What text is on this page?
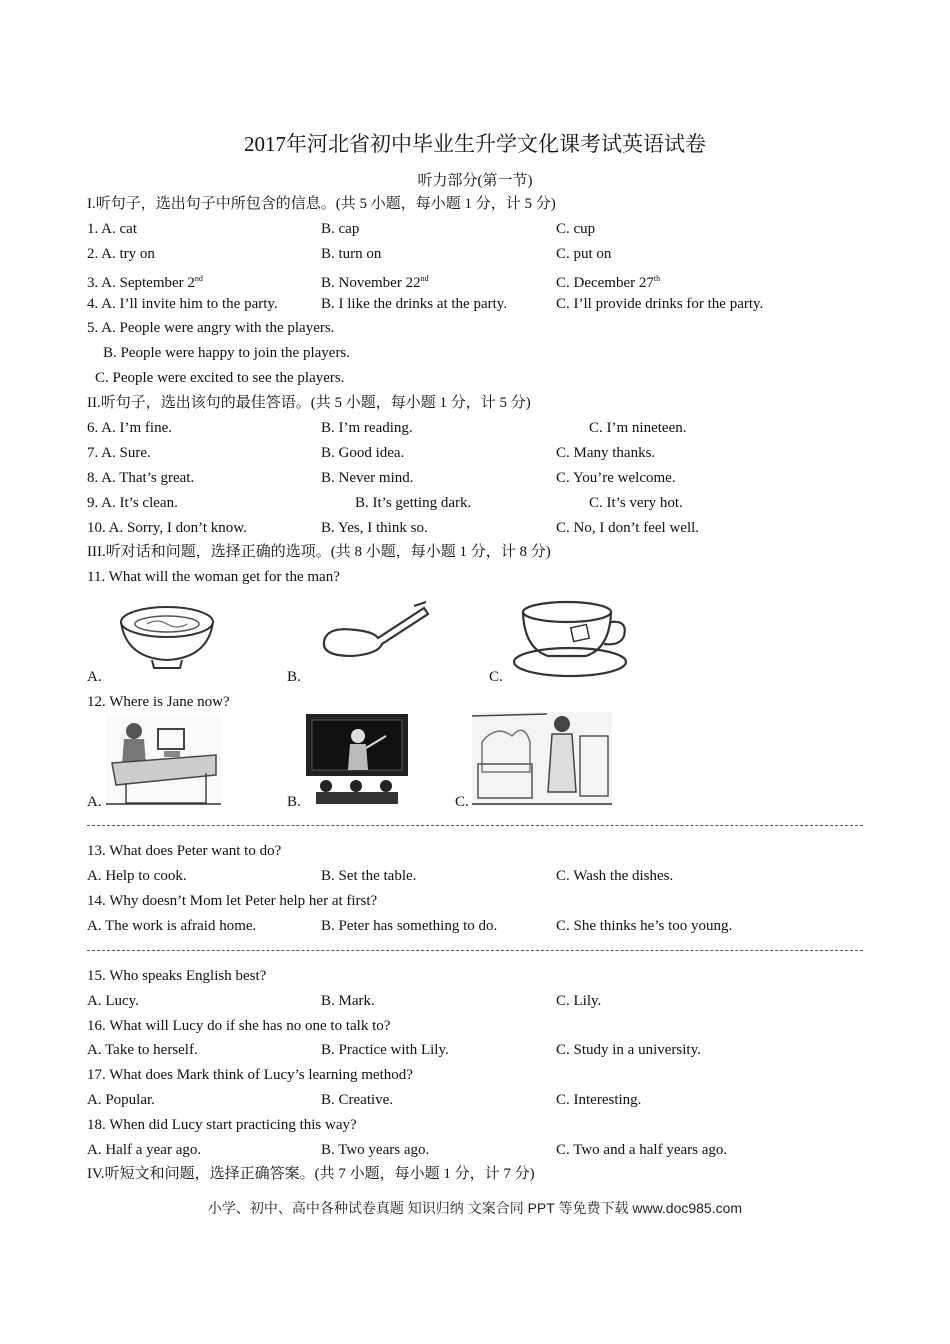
2017年河北省初中毕业生升学文化课考试英语试卷
听力部分(第一节)
I.听句子，选出句子中所包含的信息。(共 5 小题，每小题 1 分，计 5 分)
1. A. cat	B. cap	C. cup
2. A. try on	B. turn on	C. put on
3. A. September 2nd	B. November 22nd	C. December 27th
4. A. I’ll invite him to the party.	B. I like the drinks at the party.	C. I’ll provide drinks for the party.
5. A. People were angry with the players.
B. People were happy to join the players.
C. People were excited to see the players.
II.听句子，选出该句的最佳答语。(共 5 小题，每小题 1 分，计 5 分)
6. A. I’m fine.	B. I’m reading.	C. I’m nineteen.
7. A. Sure.	B. Good idea.	C. Many thanks.
8. A. That’s great.	B. Never mind.	C. You’re welcome.
9. A. It’s clean.	B. It’s getting dark.	C. It’s very hot.
10. A. Sorry, I don’t know.	B. Yes, I think so.	C. No, I don’t feel well.
III.听对话和问题，选择正确的选项。(共 8 小题，每小题 1 分，计 8 分)
11. What will the woman get for the man?
A.	B.	C.
12. Where is Jane now?
A.	B.	C.
13. What does Peter want to do?
A. Help to cook.	B. Set the table.	C. Wash the dishes.
14. Why doesn’t Mom let Peter help her at first?
A. The work is afraid home.	B. Peter has something to do.	C. She thinks he’s too young.
15. Who speaks English best?
A. Lucy.	B. Mark.	C. Lily.
16. What will Lucy do if she has no one to talk to?
A. Take to herself.	B. Practice with Lily.	C. Study in a university.
17. What does Mark think of Lucy’s learning method?
A. Popular.	B. Creative.	C. Interesting.
18. When did Lucy start practicing this way?
A. Half a year ago.	B. Two years ago.	C. Two and a half years ago.
IV.听短文和问题，选择正确答案。(共 7 小题，每小题 1 分，计 7 分)
小学、初中、高中各种试卷真题 知识归纳 文案合同 PPT 等免费下载 www.doc985.com
